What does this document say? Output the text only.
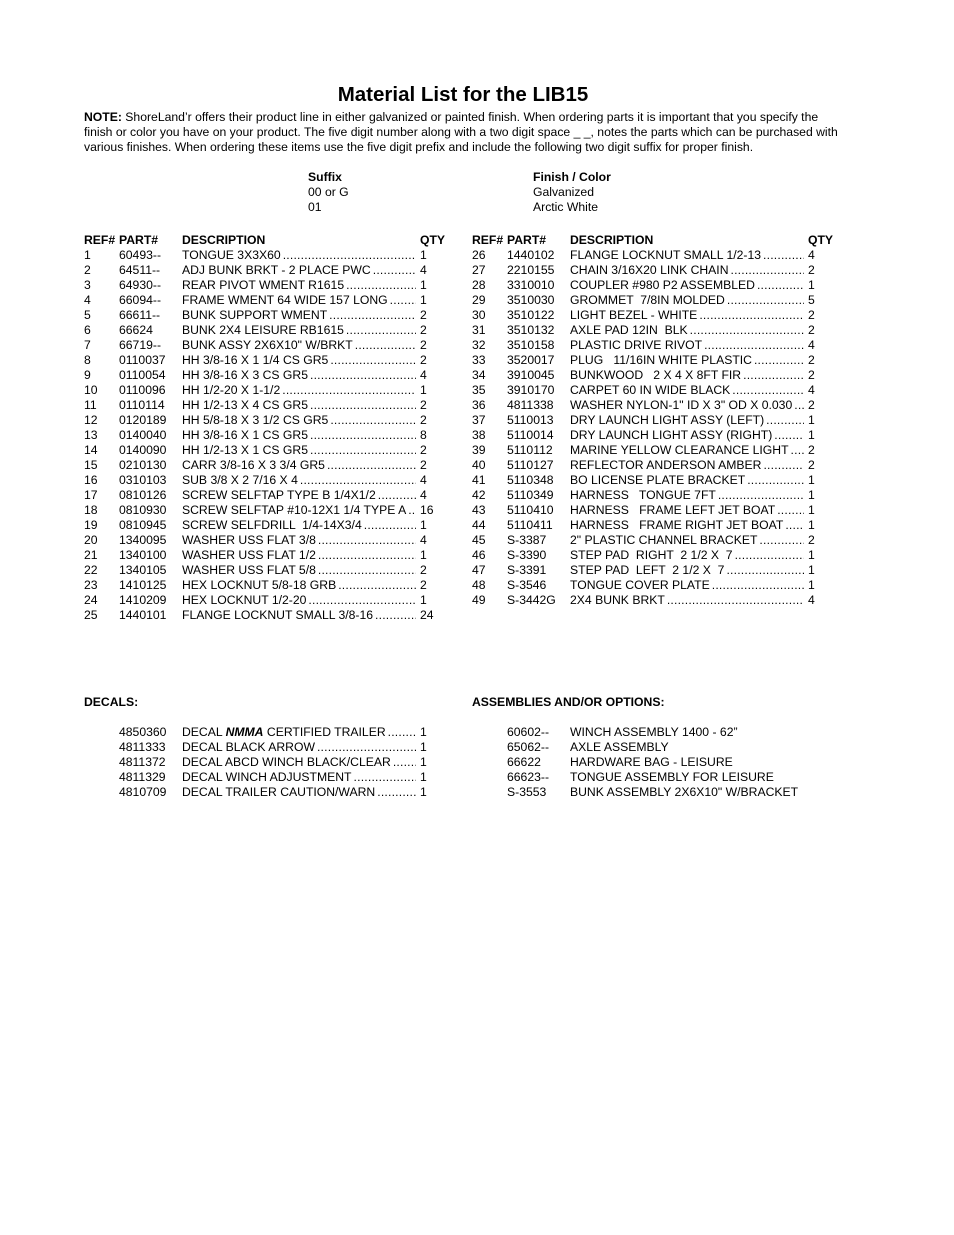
Material List for the LIB15
NOTE: ShoreLand’r offers their product line in either galvanized or painted finish. When ordering parts it is important that you specify the finish or color you have on your product. The five digit number along with a two digit space _ _, notes the parts which can be purchased with various finishes. When ordering these items use the five digit prefix and include the following two digit suffix for proper finish.
Suffix	Finish / Color
00 or G	Galvanized
01	Arctic White
REF# PART# DESCRIPTION	QTY
1 60493-- TONGUE 3X3X60 .....	1
2 64511-- ADJ BUNK BRKT - 2 PLACE PWC .....	4
3 64930-- REAR PIVOT WMENT R1615 .....	1
4 66094-- FRAME WMENT 64 WIDE 157 LONG .....	1
5 66611-- BUNK SUPPORT WMENT .....	2
6 66624 BUNK 2X4 LEISURE RB1615 .....	2
7 66719-- BUNK ASSY 2X6X10" W/BRKT .....	2
8 0110037 HH 3/8-16 X 1 1/4 CS GR5 .....	2
9 0110054 HH 3/8-16 X 3 CS GR5 .....	4
10 0110096 HH 1/2-20 X 1-1/2 .....	1
11 0110114 HH 1/2-13 X 4 CS GR5 .....	2
12 0120189 HH 5/8-18 X 3 1/2 CS GR5 .....	2
13 0140040 HH 3/8-16 X 1 CS GR5 .....	8
14 0140090 HH 1/2-13 X 1 CS GR5 .....	2
15 0210130 CARR 3/8-16 X 3 3/4 GR5 .....	2
16 0310103 SUB 3/8 X 2 7/16 X 4 .....	4
17 0810126 SCREW SELFTAP TYPE B 1/4X1/2 .....	4
18 0810930 SCREW SELFTAP #10-12X1 1/4 TYPE A ..... 16
19 0810945 SCREW SELFDRILL  1/4-14X3/4 .....	1
20 1340095 WASHER USS FLAT 3/8 .....	4
21 1340100 WASHER USS FLAT 1/2 .....	1
22 1340105 WASHER USS FLAT 5/8 .....	2
23 1410125 HEX LOCKNUT 5/8-18 GRB .....	2
24 1410209 HEX LOCKNUT 1/2-20 .....	1
25 1440101 FLANGE LOCKNUT SMALL 3/8-16 .....	24
REF# PART# DESCRIPTION	QTY
26 1440102 FLANGE LOCKNUT SMALL 1/2-13 .....	4
27 2210155 CHAIN 3/16X20 LINK CHAIN .....	2
28 3310010 COUPLER #980 P2 ASSEMBLED .....	1
29 3510030 GROMMET  7/8IN MOLDED .....	5
30 3510122 LIGHT BEZEL - WHITE .....	2
31 3510132 AXLE PAD 12IN  BLK .....	2
32 3510158 PLASTIC DRIVE RIVOT .....	4
33 3520017 PLUG   11/16IN WHITE PLASTIC .....	2
34 3910045 BUNKWOOD   2 X 4 X 8FT FIR .....	2
35 3910170 CARPET 60 IN WIDE BLACK .....	4
36 4811338 WASHER NYLON-1" ID X 3" OD X 0.030 ..... 2
37 5110013 DRY LAUNCH LIGHT ASSY (LEFT) .....	1
38 5110014 DRY LAUNCH LIGHT ASSY (RIGHT) .....	1
39 5110112 MARINE YELLOW CLEARANCE LIGHT ..... 2
40 5110127 REFLECTOR ANDERSON AMBER .....	2
41 5110348 BO LICENSE PLATE BRACKET .....	1
42 5110349 HARNESS   TONGUE 7FT .....	1
43 5110410 HARNESS   FRAME LEFT JET BOAT .....	1
44 5110411 HARNESS   FRAME RIGHT JET BOAT ..... 1
45 S-3387 2" PLASTIC CHANNEL BRACKET .....	2
46 S-3390 STEP PAD  RIGHT  2 1/2 X  7 .....	1
47 S-3391 STEP PAD  LEFT  2 1/2 X  7 .....	1
48 S-3546 TONGUE COVER PLATE .....	1
49 S-3442G 2X4 BUNK BRKT .....	4
DECALS:
4850360 DECAL NMMA CERTIFIED TRAILER .....	1
4811333 DECAL BLACK ARROW .....	1
4811372 DECAL ABCD WINCH BLACK/CLEAR ..... 1
4811329 DECAL WINCH ADJUSTMENT .....	1
4810709 DECAL TRAILER CAUTION/WARN .....	1
ASSEMBLIES AND/OR OPTIONS:
60602-- WINCH ASSEMBLY 1400 - 62”
65062-- AXLE ASSEMBLY
66622 HARDWARE BAG - LEISURE
66623-- TONGUE ASSEMBLY FOR LEISURE
S-3553 BUNK ASSEMBLY 2X6X10" W/BRACKET
